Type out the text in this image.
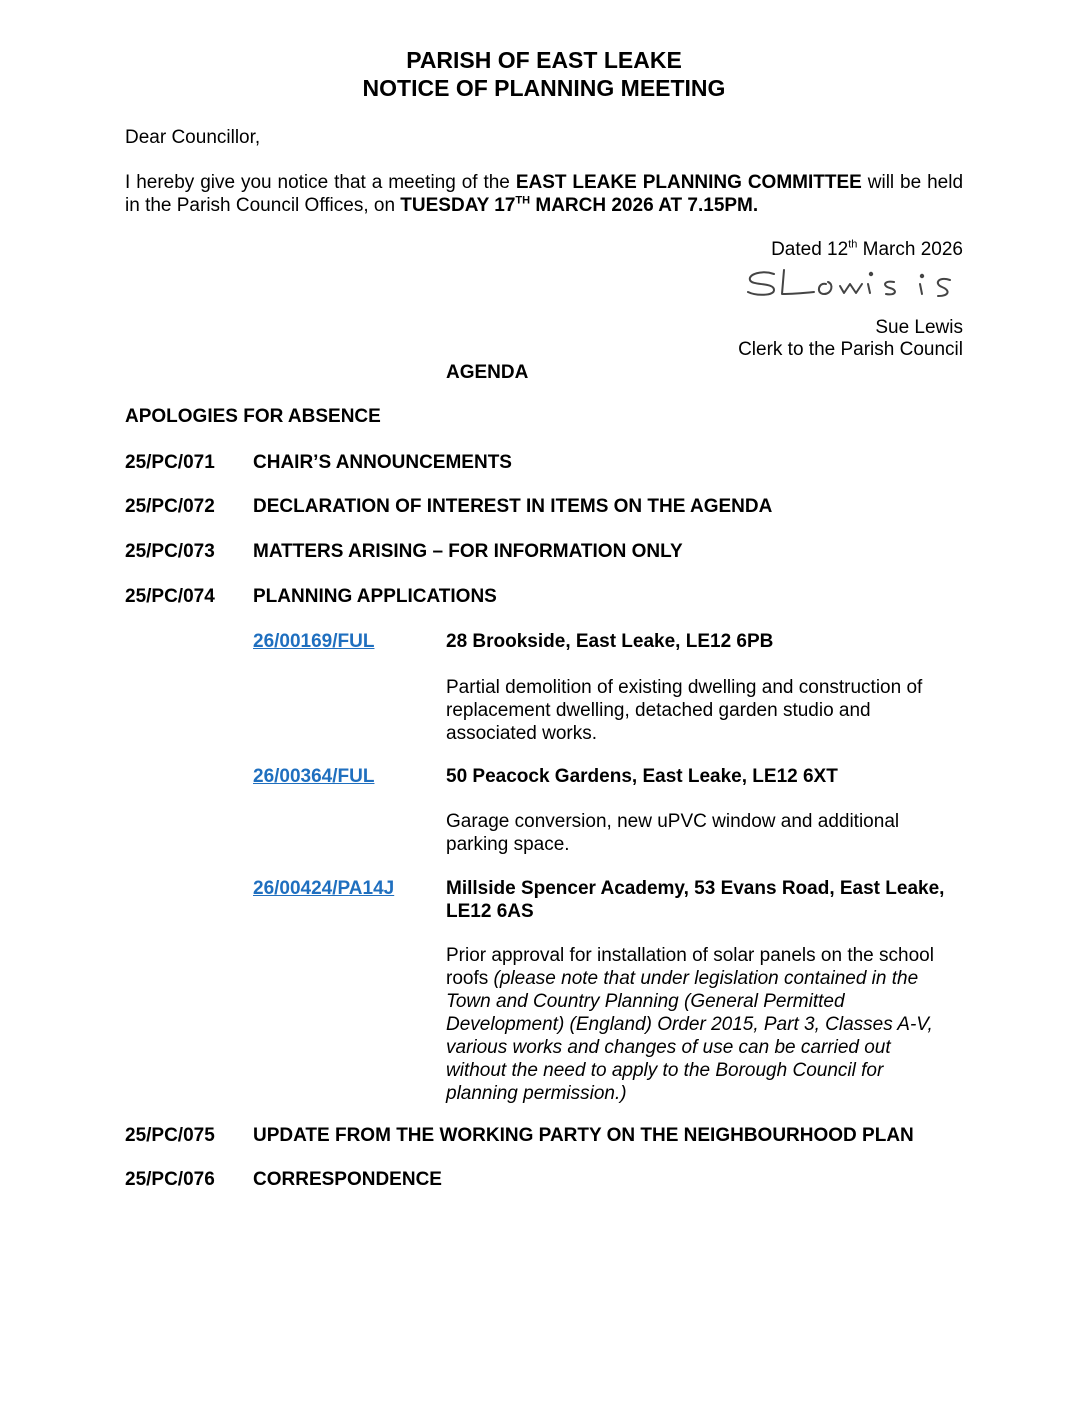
PARISH OF EAST LEAKE
NOTICE OF PLANNING MEETING
Dear Councillor,
I hereby give you notice that a meeting of the EAST LEAKE PLANNING COMMITTEE will be held in the Parish Council Offices, on TUESDAY 17TH MARCH 2026 AT 7.15PM.
Dated 12th March 2026
Sue Lewis
Clerk to the Parish Council
AGENDA
APOLOGIES FOR ABSENCE
25/PC/071 CHAIR’S ANNOUNCEMENTS
25/PC/072 DECLARATION OF INTEREST IN ITEMS ON THE AGENDA
25/PC/073 MATTERS ARISING – FOR INFORMATION ONLY
25/PC/074 PLANNING APPLICATIONS
26/00169/FUL	28 Brookside, East Leake, LE12 6PB
Partial demolition of existing dwelling and construction of
replacement dwelling, detached garden studio and
associated works.
26/00364/FUL	50 Peacock Gardens, East Leake, LE12 6XT
Garage conversion, new uPVC window and additional
parking space.
26/00424/PA14J	Millside Spencer Academy, 53 Evans Road, East Leake,
LE12 6AS
Prior approval for installation of solar panels on the school
roofs (please note that under legislation contained in the
Town and Country Planning (General Permitted
Development) (England) Order 2015, Part 3, Classes A-V,
various works and changes of use can be carried out
without the need to apply to the Borough Council for
planning permission.)
25/PC/075 UPDATE FROM THE WORKING PARTY ON THE NEIGHBOURHOOD PLAN
25/PC/076 CORRESPONDENCE
